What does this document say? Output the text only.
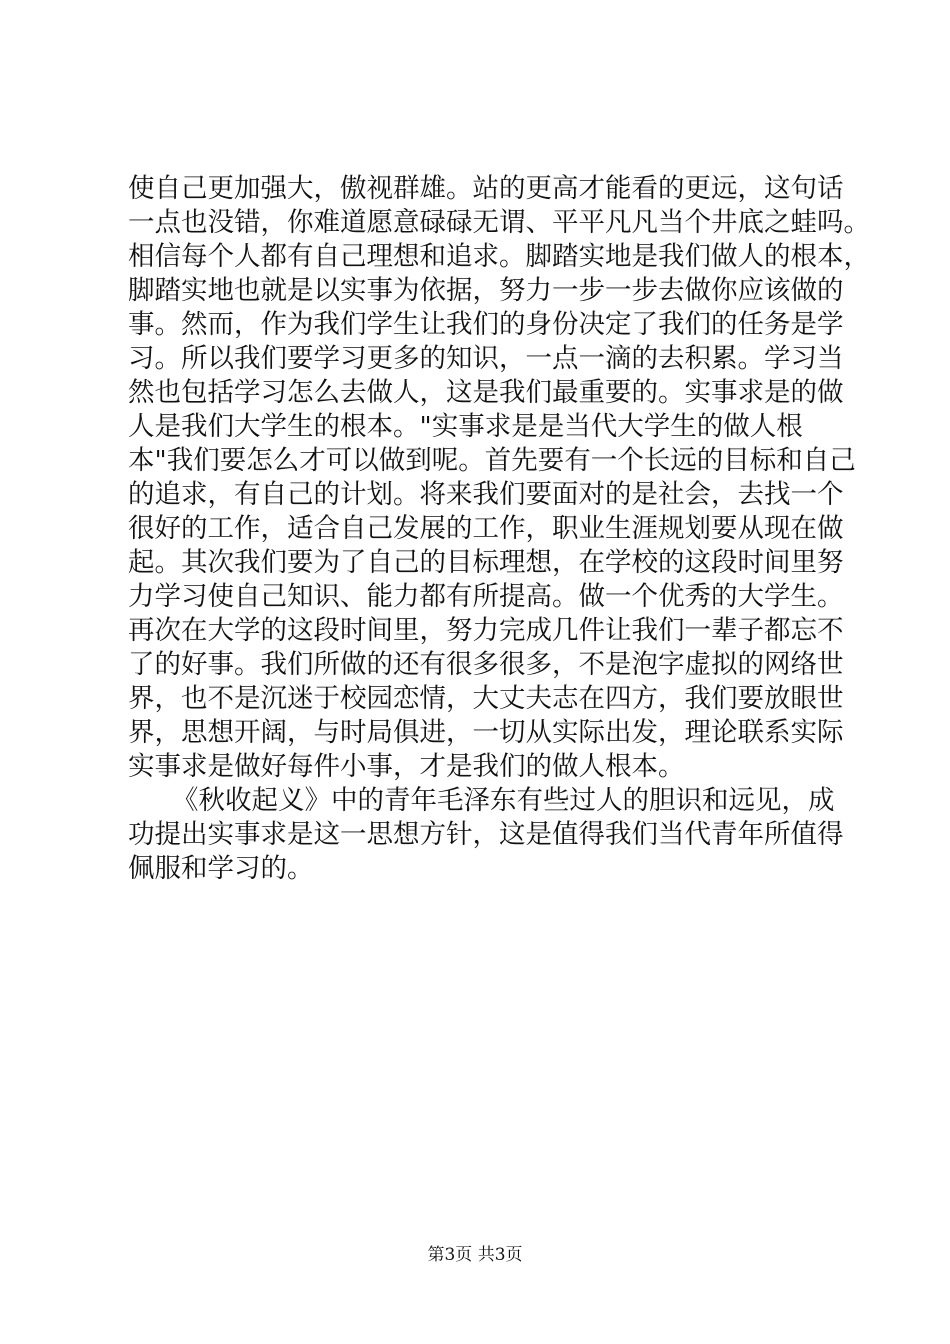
使自己更加强大，傲视群雄。站的更高才能看的更远，这句话
一点也没错，你难道愿意碌碌无谓、平平凡凡当个井底之蛙吗。
相信每个人都有自己理想和追求。脚踏实地是我们做人的根本，
脚踏实地也就是以实事为依据，努力一步一步去做你应该做的
事。然而，作为我们学生让我们的身份决定了我们的任务是学
习。所以我们要学习更多的知识，一点一滴的去积累。学习当
然也包括学习怎么去做人，这是我们最重要的。实事求是的做
人是我们大学生的根本。"实事求是是当代大学生的做人根
本"我们要怎么才可以做到呢。首先要有一个长远的目标和自己
的追求，有自己的计划。将来我们要面对的是社会，去找一个
很好的工作，适合自己发展的工作，职业生涯规划要从现在做
起。其次我们要为了自己的目标理想，在学校的这段时间里努
力学习使自己知识、能力都有所提高。做一个优秀的大学生。
再次在大学的这段时间里，努力完成几件让我们一辈子都忘不
了的好事。我们所做的还有很多很多，不是泡字虚拟的网络世
界，也不是沉迷于校园恋情，大丈夫志在四方，我们要放眼世
界，思想开阔，与时局俱进，一切从实际出发，理论联系实际
实事求是做好每件小事，才是我们的做人根本。
《秋收起义》中的青年毛泽东有些过人的胆识和远见，成
功提出实事求是这一思想方针，这是值得我们当代青年所值得
佩服和学习的。
第3页 共3页
